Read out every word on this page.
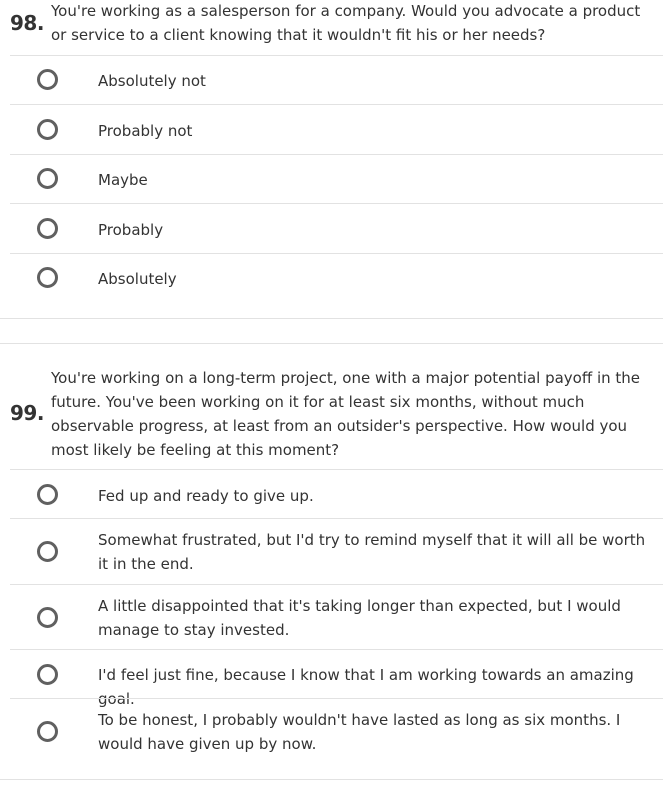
98. You're working as a salesperson for a company. Would you advocate a product or service to a client knowing that it wouldn't fit his or her needs?
Absolutely not
Probably not
Maybe
Probably
Absolutely
99.
You're working on a long-term project, one with a major potential payoff in the future. You've been working on it for at least six months, without much observable progress, at least from an outsider's perspective. How would you most likely be feeling at this moment?
Fed up and ready to give up.
Somewhat frustrated, but I'd try to remind myself that it will all be worth it in the end.
A little disappointed that it's taking longer than expected, but I would manage to stay invested.
I'd feel just fine, because I know that I am working towards an amazing goal.
To be honest, I probably wouldn't have lasted as long as six months. I would have given up by now.
